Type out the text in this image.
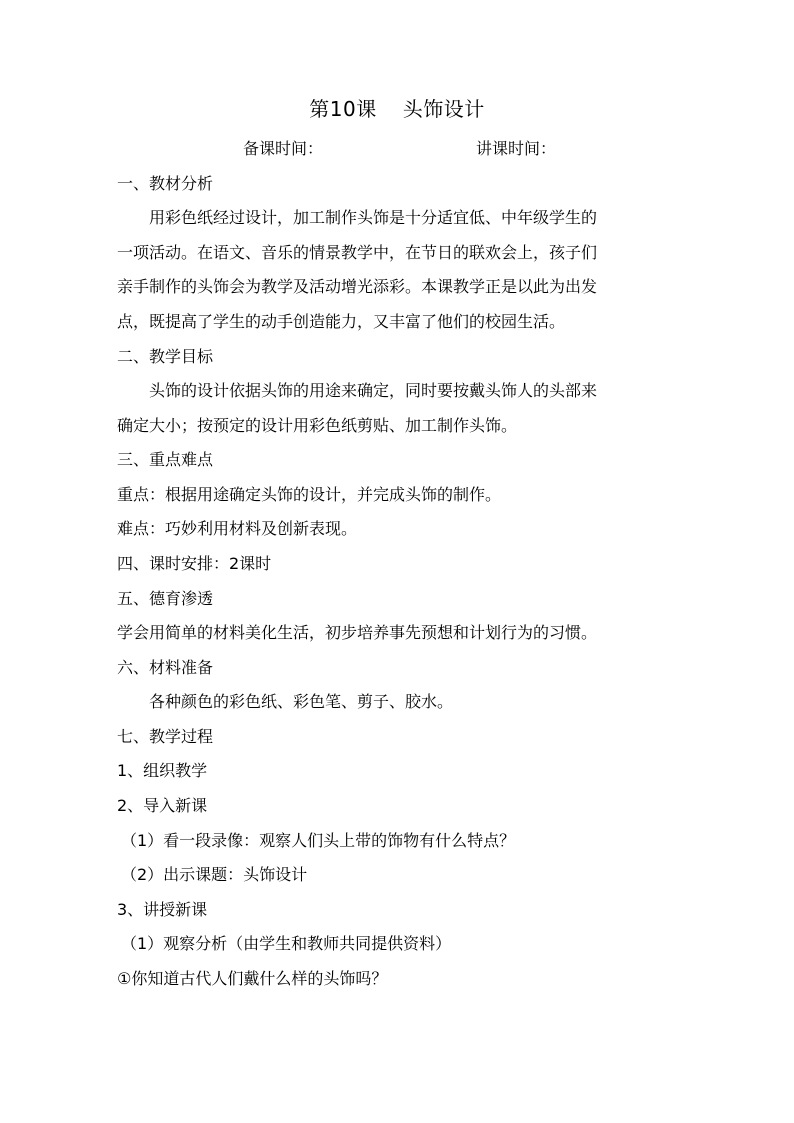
第10课 头饰设计
备课时间：	讲课时间：
一、教材分析
用彩色纸经过设计，加工制作头饰是十分适宜低、中年级学生的
一项活动。在语文、音乐的情景教学中，在节日的联欢会上，孩子们
亲手制作的头饰会为教学及活动增光添彩。本课教学正是以此为出发
点，既提高了学生的动手创造能力，又丰富了他们的校园生活。
二、教学目标
头饰的设计依据头饰的用途来确定，同时要按戴头饰人的头部来
确定大小；按预定的设计用彩色纸剪贴、加工制作头饰。
三、重点难点
重点：根据用途确定头饰的设计，并完成头饰的制作。
难点：巧妙利用材料及创新表现。
四、课时安排：2课时
五、德育渗透
学会用简单的材料美化生活，初步培养事先预想和计划行为的习惯。
六、材料准备
各种颜色的彩色纸、彩色笔、剪子、胶水。
七、教学过程
1、组织教学
2、导入新课
（1）看一段录像：观察人们头上带的饰物有什么特点？
（2）出示课题：头饰设计
3、讲授新课
（1）观察分析（由学生和教师共同提供资料）
①你知道古代人们戴什么样的头饰吗？
